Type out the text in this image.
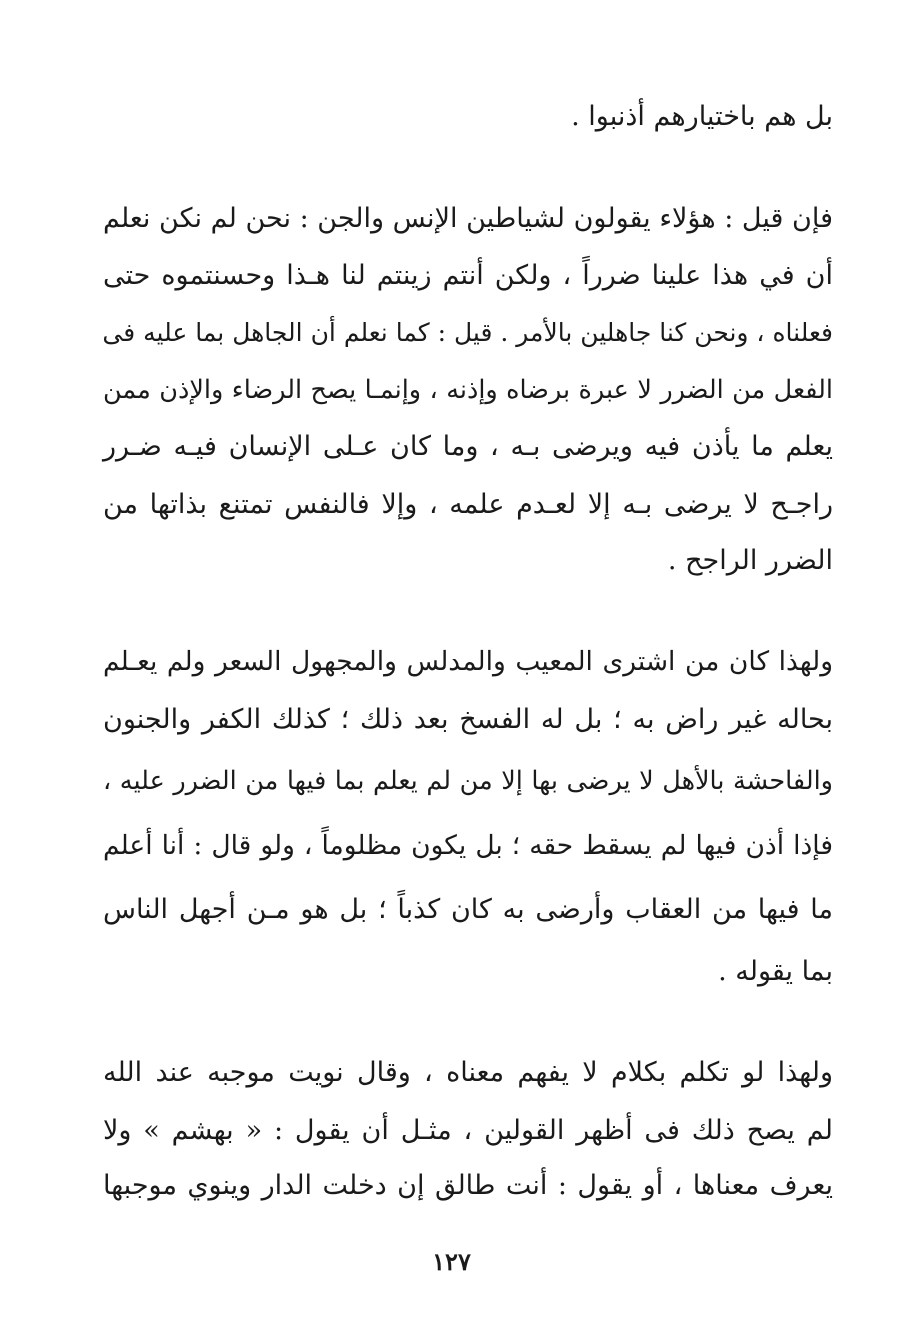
بل هم باختيارهم أذنبوا .
فإن قيل : هؤلاء يقولون لشياطين الإنس والجن : نحن لم نكن نعلم
أن في هذا علينا ضرراً ، ولكن أنتم زينتم لنا هـذا وحسنتموه حتى
فعلناه ، ونحن كنا جاهلين بالأمر . قيل : كما نعلم أن الجاهل بما عليه فى
الفعل من الضرر لا عبرة برضاه وإذنه ، وإنمـا يصح الرضاء والإذن ممن
يعلم ما يأذن فيه ويرضى بـه ، وما كان عـلى الإنسان فيـه ضـرر
راجـح لا يرضى بـه إلا لعـدم علمه ، وإلا فالنفس تمتنع بذاتها من
الضرر الراجح .
ولهذا كان من اشترى المعيب والمدلس والمجهول السعر ولم يعـلم
بحاله غير راض به ؛ بل له الفسخ بعد ذلك ؛ كذلك الكفر والجنون
والفاحشة بالأهل لا يرضى بها إلا من لم يعلم بما فيها من الضرر عليه ،
فإذا أذن فيها لم يسقط حقه ؛ بل يكون مظلوماً ، ولو قال : أنا أعلم
ما فيها من العقاب وأرضى به كان كذباً ؛ بل هو مـن أجهل الناس
بما يقوله .
ولهذا لو تكلم بكلام لا يفهم معناه ، وقال نويت موجبه عند الله
لم يصح ذلك فى أظهر القولين ، مثـل أن يقول : « بهشم » ولا
يعرف معناها ، أو يقول : أنت طالق إن دخلت الدار وينوي موجبها
١٢٧
